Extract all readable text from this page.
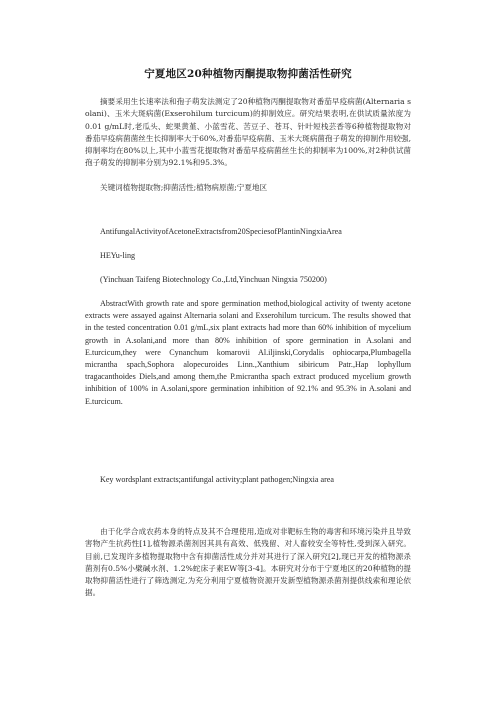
宁夏地区20种植物丙酮提取物抑菌活性研究
摘要采用生长速率法和孢子萌发法测定了20种植物丙酮提取物对番茄早疫病菌(Alternaria solani)、玉米大斑病菌(Exserohilum turcicum)的抑制效应。研究结果表明,在供试质量浓度为0.01 g/mL时,老瓜头、蛇果黄堇、小蓝雪花、苦豆子、苍耳、针叶短栈芸香等6种植物提取物对番茄早疫病菌菌丝生长抑制率大于60%,对番茄早疫病菌、玉米大斑病菌孢子萌发的抑制作用较强,抑制率均在80%以上,其中小蓝雪花提取物对番茄早疫病菌丝生长的抑制率为100%,对2种供试菌孢子萌发的抑制率分别为92.1%和95.3%。
关键词植物提取物;抑菌活性;植物病原菌;宁夏地区
AntifungalActivityofAcetoneExtractsfrom20SpeciesofPlantinNingxiaArea
HEYu-ling
(Yinchuan Taifeng Biotechnology Co.,Ltd,Yinchuan Ningxia 750200)
AbstractWith growth rate and spore germination method,biological activity of twenty acetone extracts were assayed against Alternaria solani and Exserohilum turcicum. The results showed that in the tested concentration 0.01 g/mL,six plant extracts had more than 60% inhibition of mycelium growth in A.solani,and more than 80% inhibition of spore germination in A.solani and E.turcicum,they were Cynanchum komarovii Al.iljinski,Corydalis ophiocarpa,Plumbagella micrantha spach,Sophora alopecuroides Linn.,Xanthium sibiricum Patr.,Hap lophyllum tragacanthoides Diels,and among them,the P.micrantha spach extract produced mycelium growth inhibition of 100% in A.solani,spore germination inhibition of 92.1% and 95.3% in A.solani and E.turcicum.
Key wordsplant extracts;antifungal activity;plant pathogen;Ningxia area
由于化学合成农药本身的特点及其不合理使用,造成对非靶标生物的毒害和环境污染并且导致害物产生抗药性[1],植物源杀菌剂因其具有高效、低残留、对人畜较安全等特性,受到深入研究。目前,已发现许多植物提取物中含有抑菌活性成分并对其进行了深入研究[2],现已开发的植物源杀菌剂有0.5%小檗碱水剂、1.2%蛇床子素EW等[3-4]。本研究对分布于宁夏地区的20种植物的提取物抑菌活性进行了筛选测定,为充分利用宁夏植物资源开发新型植物源杀菌剂提供线索和理论依据。
